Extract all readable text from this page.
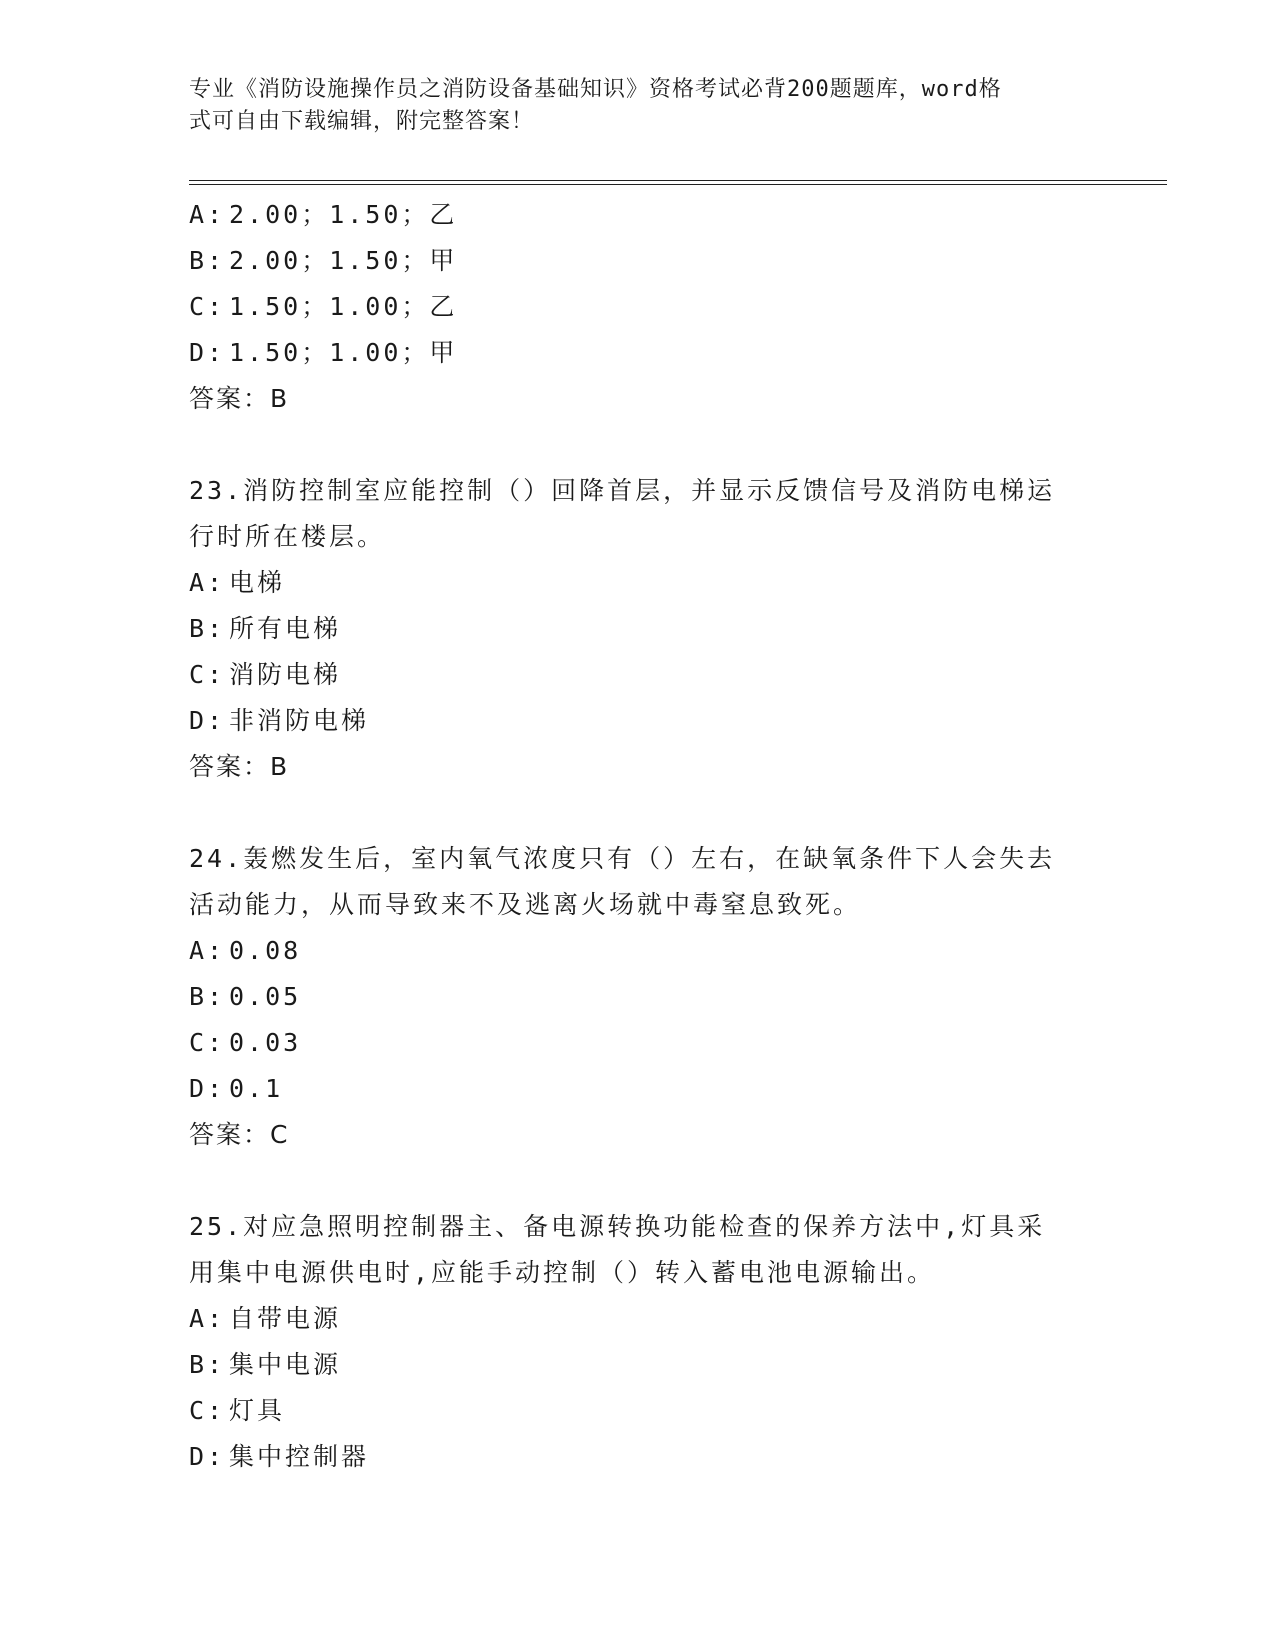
专业《消防设施操作员之消防设备基础知识》资格考试必背200题题库，word格
式可自由下载编辑，附完整答案！
A: 2.00；1.50；乙
B: 2.00；1.50；甲
C: 1.50；1.00；乙
D: 1.50；1.00；甲
答案：B
23.消防控制室应能控制（）回降首层，并显示反馈信号及消防电梯运
行时所在楼层。
A: 电梯
B: 所有电梯
C: 消防电梯
D: 非消防电梯
答案：B
24.轰燃发生后，室内氧气浓度只有（）左右，在缺氧条件下人会失去
活动能力，从而导致来不及逃离火场就中毒窒息致死。
A: 0.08
B: 0.05
C: 0.03
D: 0.1
答案：C
25.对应急照明控制器主、备电源转换功能检查的保养方法中,灯具采
用集中电源供电时,应能手动控制（）转入蓄电池电源输出。
A: 自带电源
B: 集中电源
C: 灯具
D: 集中控制器
